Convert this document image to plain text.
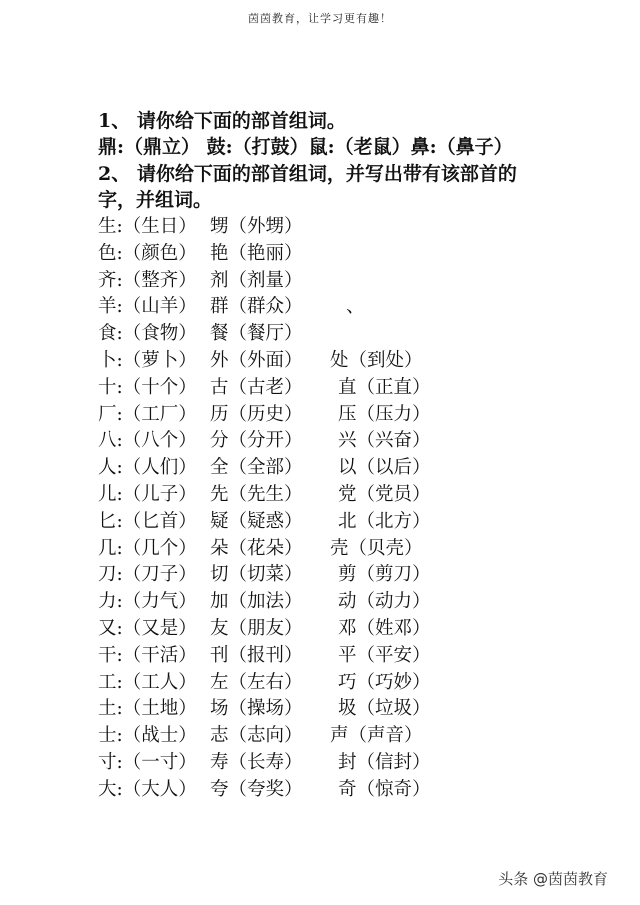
茵茵教育，让学习更有趣！
1、 请你给下面的部首组词。
鼎:（鼎立） 鼓:（打鼓）鼠:（老鼠）鼻:（鼻子）
2、 请你给下面的部首组词，并写出带有该部首的字，并组词。
生:（生日） 甥（外甥）
色:（颜色） 艳（艳丽）
齐:（整齐） 剂（剂量）
羊:（山羊） 群（群众） 、
食:（食物） 餐（餐厅）
卜:（萝卜） 外（外面） 处（到处）
十:（十个） 古（古老） 直（正直）
厂:（工厂） 历（历史） 压（压力）
八:（八个） 分（分开） 兴（兴奋）
人:（人们） 全（全部） 以（以后）
儿:（儿子） 先（先生） 党（党员）
匕:（匕首） 疑（疑惑） 北（北方）
几:（几个） 朵（花朵） 壳（贝壳）
刀:（刀子） 切（切菜） 剪（剪刀）
力:（力气） 加（加法） 动（动力）
又:（又是） 友（朋友） 邓（姓邓）
干:（干活） 刊（报刊） 平（平安）
工:（工人） 左（左右） 巧（巧妙）
土:（土地） 场（操场） 圾（垃圾）
士:（战士） 志（志向） 声（声音）
寸:（一寸） 寿（长寿） 封（信封）
大:（大人） 夸（夸奖） 奇（惊奇）
头条 @茵茵教育
